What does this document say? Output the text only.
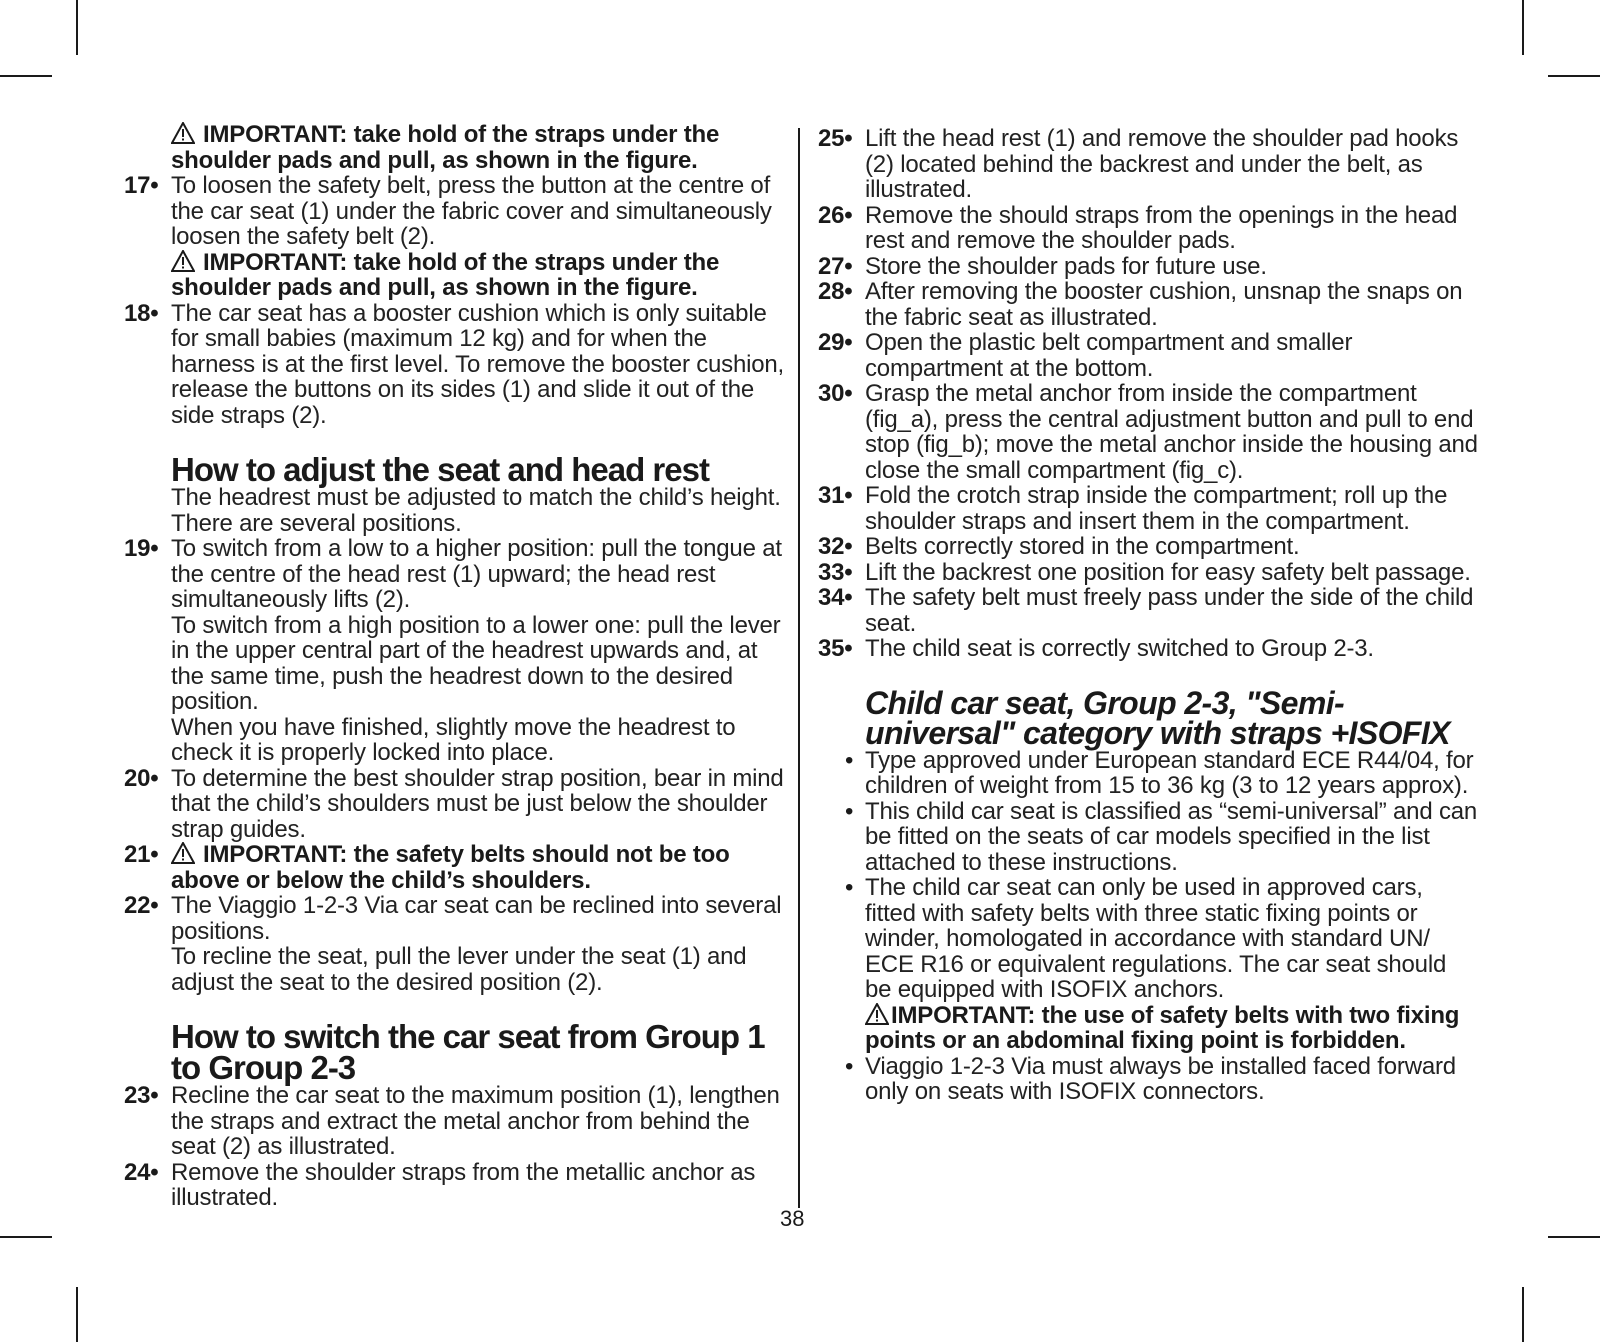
IMPORTANT: take hold of the straps under the shoulder pads and pull, as shown in the figure.
17• To loosen the safety belt, press the button at the centre of the car seat (1) under the fabric cover and simultaneously loosen the safety belt (2).
IMPORTANT: take hold of the straps under the shoulder pads and pull, as shown in the figure.
18• The car seat has a booster cushion which is only suitable for small babies (maximum 12 kg) and for when the harness is at the first level. To remove the booster cushion, release the buttons on its sides (1) and slide it out of the side straps (2).
How to adjust the seat and head rest
The headrest must be adjusted to match the child’s height. There are several positions.
19• To switch from a low to a higher position: pull the tongue at the centre of the head rest (1) upward; the head rest simultaneously lifts (2).
To switch from a high position to a lower one: pull the lever in the upper central part of the headrest upwards and, at the same time, push the headrest down to the desired position.
When you have finished, slightly move the headrest to check it is properly locked into place.
20• To determine the best shoulder strap position, bear in mind that the child’s shoulders must be just below the shoulder strap guides.
21•	IMPORTANT: the safety belts should not be too above or below the child’s shoulders.
22• The Viaggio 1-2-3 Via car seat can be reclined into several positions.
To recline the seat, pull the lever under the seat (1) and adjust the seat to the desired position (2).
How to switch the car seat from Group 1 to Group 2-3
23• Recline the car seat to the maximum position (1), lengthen the straps and extract the metal anchor from behind the seat (2) as illustrated.
24• Remove the shoulder straps from the metallic anchor as illustrated.
25• Lift the head rest (1) and remove the shoulder pad hooks (2) located behind the backrest and under the belt, as illustrated.
26• Remove the should straps from the openings in the head rest and remove the shoulder pads.
27• Store the shoulder pads for future use.
28• After removing the booster cushion, unsnap the snaps on the fabric seat as illustrated.
29• Open the plastic belt compartment and smaller compartment at the bottom.
30• Grasp the metal anchor from inside the compartment (fig_a), press the central adjustment button and pull to end stop (fig_b); move the metal anchor inside the housing and close the small compartment (fig_c).
31• Fold the crotch strap inside the compartment; roll up the shoulder straps and insert them in the compartment.
32• Belts correctly stored in the compartment.
33• Lift the backrest one position for easy safety belt passage.
34• The safety belt must freely pass under the side of the child seat.
35• The child seat is correctly switched to Group 2-3.
Child car seat, Group 2-3, "Semi-universal" category with straps +ISOFIX
• Type approved under European standard ECE R44/04, for children of weight from 15 to 36 kg (3 to 12 years approx).
• This child car seat is classified as “semi-universal” and can be fitted on the seats of car models specified in the list attached to these instructions.
• The child car seat can only be used in approved cars, fitted with safety belts with three static fixing points or winder, homologated in accordance with standard UN/ ECE R16 or equivalent regulations. The car seat should be equipped with ISOFIX anchors.
IMPORTANT: the use of safety belts with two fixing points or an abdominal fixing point is forbidden.
• Viaggio 1-2-3 Via must always be installed faced forward only on seats with ISOFIX connectors.
38
